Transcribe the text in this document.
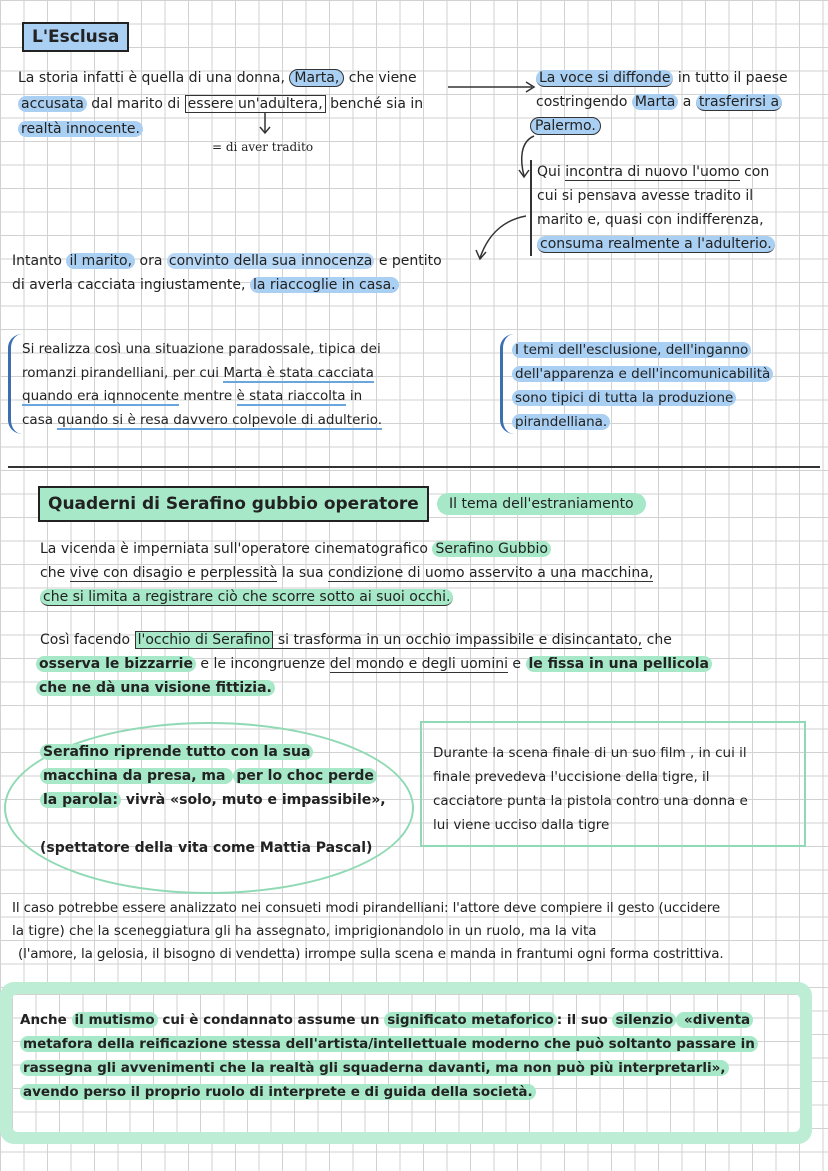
L'Esclusa
La storia infatti è quella di una donna, Marta, che viene
accusata dal marito di essere un'adultera, benché sia in
realtà innocente.
= di aver tradito
La voce si diffonde in tutto il paese
costringendo Marta a trasferirsi a
Palermo.
Qui incontra di nuovo l'uomo con
cui si pensava avesse tradito il
marito e, quasi con indifferenza,
consuma realmente a l'adulterio.
Intanto il marito, ora convinto della sua innocenza e pentito
di averla cacciata ingiustamente, la riaccoglie in casa.
Si realizza così una situazione paradossale, tipica dei
romanzi pirandelliani, per cui Marta è stata cacciata
quando era iqnnocente mentre è stata riaccolta in
casa quando si è resa davvero colpevole di adulterio.
I temi dell'esclusione, dell'inganno
dell'apparenza e dell'incomunicabilità
sono tipici di tutta la produzione
pirandelliana.
Quaderni di Serafino gubbio operatore	Il tema dell'estraniamento
La vicenda è imperniata sull'operatore cinematografico Serafino Gubbio
che vive con disagio e perplessità la sua condizione di uomo asservito a una macchina,
che si limita a registrare ciò che scorre sotto ai suoi occhi.
Così facendo l'occhio di Serafino si trasforma in un occhio impassibile e disincantato, che
osserva le bizzarrie e le incongruenze del mondo e degli uomini e le fissa in una pellicola
che ne dà una visione fittizia.
Serafino riprende tutto con la sua
macchina da presa, ma per lo choc perde
la parola: vivrà «solo, muto e impassibile»,
(spettatore della vita come Mattia Pascal)
Durante la scena finale di un suo film , in cui il
finale prevedeva l'uccisione della tigre, il
cacciatore punta la pistola contro una donna e
lui viene ucciso dalla tigre
Il caso potrebbe essere analizzato nei consueti modi pirandelliani: l'attore deve compiere il gesto (uccidere
la tigre) che la sceneggiatura gli ha assegnato, imprigionandolo in un ruolo, ma la vita
(l'amore, la gelosia, il bisogno di vendetta) irrompe sulla scena e manda in frantumi ogni forma costrittiva.
Anche il mutismo cui è condannato assume un significato metaforico : il suo silenzio «diventa
metafora della reificazione stessa dell'artista/intellettuale moderno che può soltanto passare in
rassegna gli avvenimenti che la realtà gli squaderna davanti, ma non può più interpretarli»,
avendo perso il proprio ruolo di interprete e di guida della società.
